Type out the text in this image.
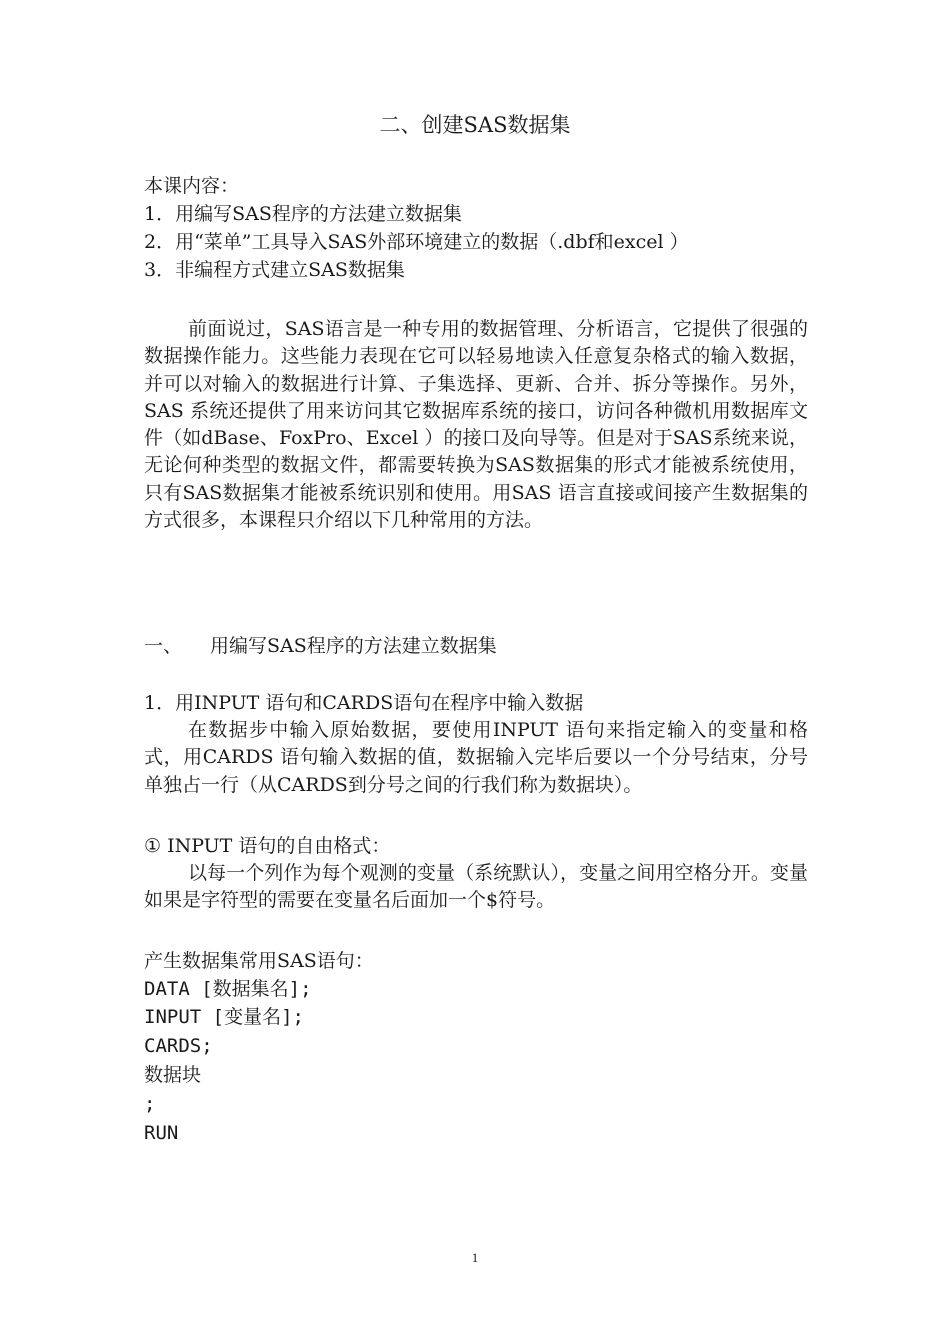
二、创建SAS数据集
本课内容：
1．用编写SAS程序的方法建立数据集
2．用“菜单”工具导入SAS外部环境建立的数据（.dbf和excel ）
3．非编程方式建立SAS数据集

前面说过，SAS语言是一种专用的数据管理、分析语言，它提供了很强的数据操作能力。这些能力表现在它可以轻易地读入任意复杂格式的输入数据，并可以对输入的数据进行计算、子集选择、更新、合并、拆分等操作。另外，SAS 系统还提供了用来访问其它数据库系统的接口，访问各种微机用数据库文件（如dBase、FoxPro、Excel ）的接口及向导等。但是对于SAS系统来说，无论何种类型的数据文件，都需要转换为SAS数据集的形式才能被系统使用，只有SAS数据集才能被系统识别和使用。用SAS 语言直接或间接产生数据集的方式很多，本课程只介绍以下几种常用的方法。

一、 用编写SAS程序的方法建立数据集
1．用INPUT 语句和CARDS语句在程序中输入数据

在数据步中输入原始数据，要使用INPUT 语句来指定输入的变量和格式，用CARDS 语句输入数据的值，数据输入完毕后要以一个分号结束，分号单独占一行（从CARDS到分号之间的行我们称为数据块）。

① INPUT 语句的自由格式：

以每一个列作为每个观测的变量（系统默认），变量之间用空格分开。变量如果是字符型的需要在变量名后面加一个$符号。

产生数据集常用SAS语句：
DATA [数据集名];
INPUT [变量名];
CARDS;
数据块
;
RUN
1
